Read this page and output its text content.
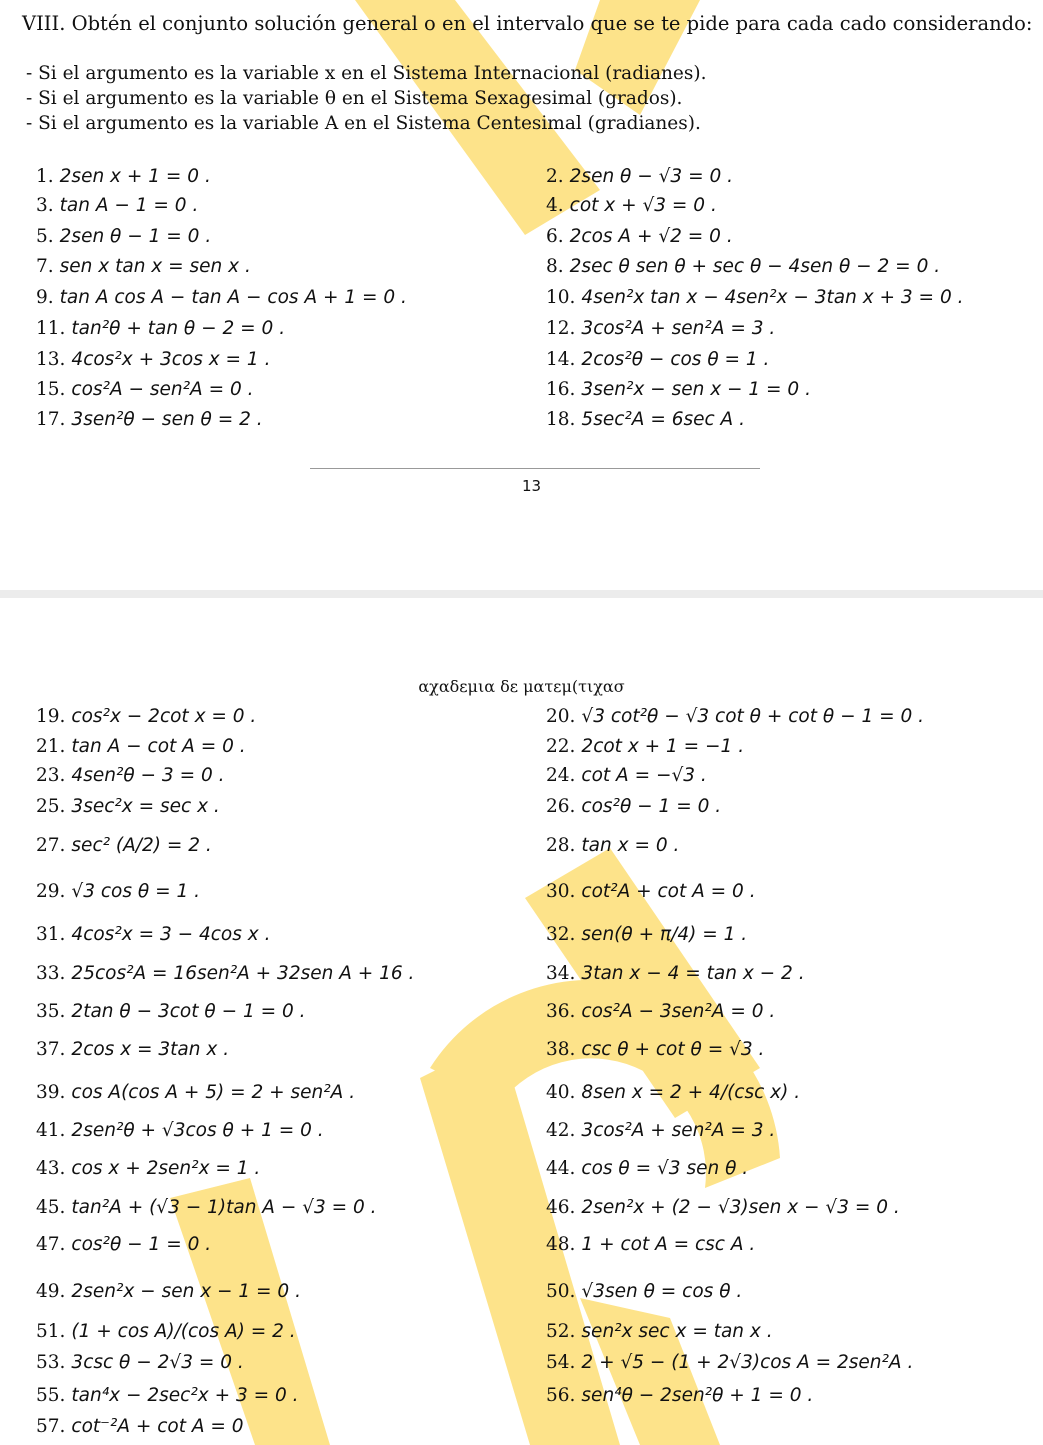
VIII. Obtén el conjunto solución general o en el intervalo que se te pide para cada cado considerando:
- Si el argumento es la variable x en el Sistema Internacional (radianes).
- Si el argumento es la variable θ en el Sistema Sexagesimal (grados).
- Si el argumento es la variable A en el Sistema Centesimal (gradianes).
1. 2sen x + 1 = 0 .	2. 2sen θ − √3 = 0 .
3. tan A − 1 = 0 .	4. cot x + √3 = 0 .
5. 2sen θ − 1 = 0 .	6. 2cos A + √2 = 0 .
7. sen x tan x = sen x .	8. 2sec θ sen θ + sec θ − 4sen θ − 2 = 0 .
9. tan A cos A − tan A − cos A + 1 = 0 .	10. 4sen²x tan x − 4sen²x − 3tan x + 3 = 0 .
11. tan²θ + tan θ − 2 = 0 .	12. 3cos²A + sen²A = 3 .
13. 4cos²x + 3cos x = 1 .	14. 2cos²θ − cos θ = 1 .
15. cos²A − sen²A = 0 .	16. 3sen²x − sen x − 1 = 0 .
17. 3sen²θ − sen θ = 2 .	18. 5sec²A = 6sec A .
13
αχαδεμια δε ματεμ(τιχασ
19. cos²x − 2cot x = 0 .	20. √3 cot²θ − √3 cot θ + cot θ − 1 = 0 .
21. tan A − cot A = 0 .	22. 2cot x + 1 = −1 .
23. 4sen²θ − 3 = 0 .	24. cot A = −√3 .
25. 3sec²x = sec x .	26. cos²θ − 1 = 0 .
27. sec² (A/2) = 2 .	28. tan x = 0 .
29. √3 cos θ = 1 .	30. cot²A + cot A = 0 .
31. 4cos²x = 3 − 4cos x .	32. sen(θ + π/4) = 1 .
33. 25cos²A = 16sen²A + 32sen A + 16 .	34. 3tan x − 4 = tan x − 2 .
35. 2tan θ − 3cot θ − 1 = 0 .	36. cos²A − 3sen²A = 0 .
37. 2cos x = 3tan x .	38. csc θ + cot θ = √3 .
39. cos A(cos A + 5) = 2 + sen²A .	40. 8sen x = 2 + 4/(csc x) .
41. 2sen²θ + √3cos θ + 1 = 0 .	42. 3cos²A + sen²A = 3 .
43. cos x + 2sen²x = 1 .	44. cos θ = √3 sen θ .
45. tan²A + (√3 − 1)tan A − √3 = 0 .	46. 2sen²x + (2 − √3)sen x − √3 = 0 .
47. cos²θ − 1 = 0 .	48. 1 + cot A = csc A .
49. 2sen²x − sen x − 1 = 0 .	50. √3sen θ = cos θ .
51. (1 + cos A)/(cos A) = 2 .	52. sen²x sec x = tan x .
53. 3csc θ − 2√3 = 0 .	54. 2 + √5 − (1 + 2√3)cos A = 2sen²A .
55. tan⁴x − 2sec²x + 3 = 0 .	56. sen⁴θ − 2sen²θ + 1 = 0 .
57. cot⁻²A + cot A = 0
